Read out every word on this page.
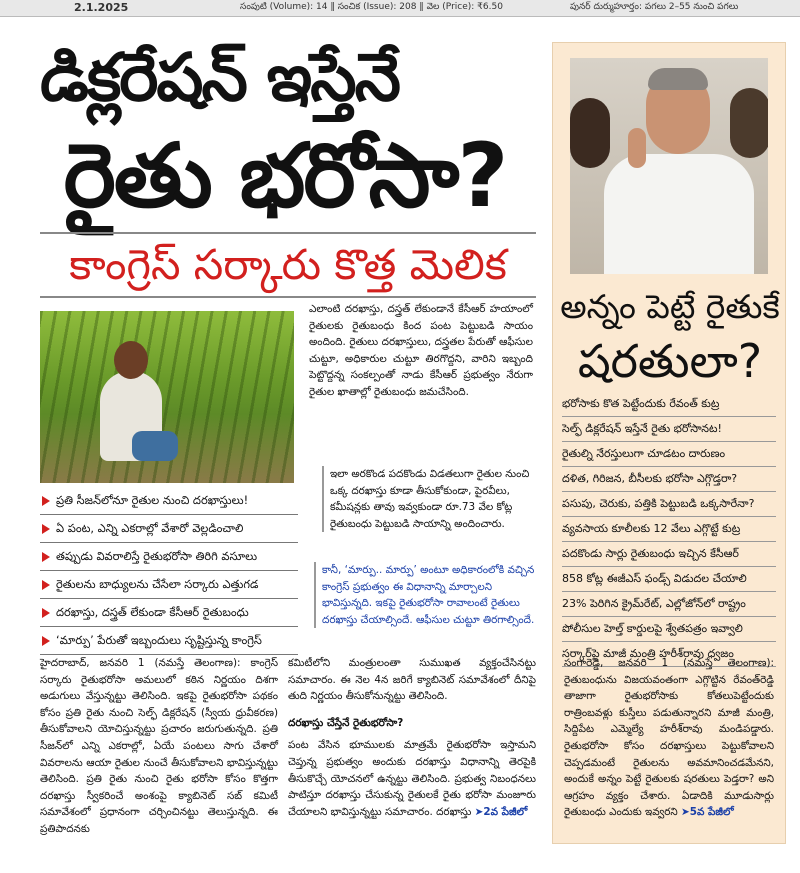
2.1.2025	సంపుటి (Volume): 14 ‖ సంచిక (Issue): 208 ‖ వెల (Price): ₹6.50	పునర్ దుర్ముహూర్తం: పగలు 2–55 నుంచి పగలు
డిక్లరేషన్ ఇస్తేనే
రైతు భరోసా?
కాంగ్రెస్ సర్కారు కొత్త మెలిక
ప్రతి సీజన్‌లోనూ రైతుల నుంచి దరఖాస్తులు!
ఏ పంట, ఎన్ని ఎకరాల్లో వేశారో వెల్లడించాలి
తప్పుడు వివరాలిస్తే రైతుభరోసా తిరిగి వసూలు
రైతులను బాధ్యులను చేసేలా సర్కారు ఎత్తుగడ
దరఖాస్తు, దస్త్రత్ లేకుండా కేసీఆర్ రైతుబంధు
‘మార్పు’ పేరుతో ఇబ్బందులు సృష్టిస్తున్న కాంగ్రెస్

ఎలాంటి దరఖాస్తు, దస్త్రత్ లేకుండానే కేసీఆర్ హయాంలో రైతులకు రైతుబంధు కింద పంట పెట్టుబడి సాయం అందింది. రైతులు దరఖాస్తులు, దస్త్రతల పేరుతో ఆఫీసుల చుట్టూ, అధికారుల చుట్టూ తిరగొద్దని, వారిని ఇబ్బంది పెట్టొద్దన్న సంకల్పంతో నాడు కేసీఆర్ ప్రభుత్వం నేరుగా రైతుల ఖాతాల్లో రైతుబంధు జమచేసింది.

ఇలా అరకొండ పదకొండు విడతలుగా రైతుల నుంచి ఒక్క దరఖాస్తు కూడా తీసుకోకుండా, పైరవీలు, కమీషన్లకు తావు ఇవ్వకుండా రూ.73 వేల కోట్ల రైతుబంధు పెట్టుబడి సాయాన్ని అందించారు.
కానీ, ‘మార్పు.. మార్పు’ అంటూ అధికారంలోకి వచ్చిన కాంగ్రెస్ ప్రభుత్వం ఈ విధానాన్ని మార్చాలని భావిస్తున్నది. ఇకపై రైతుభరోసా రావాలంటే రైతులు దరఖాస్తు చేయాల్సిందే. ఆఫీసుల చుట్టూ తిరగాల్సిందే.
హైదరాబాద్, జనవరి 1 (నమస్తే తెలంగాణ): కాంగ్రెస్ సర్కారు రైతుభరోసా అమలులో కఠిన నిర్ణయం దిశగా అడుగులు వేస్తున్నట్టు తెలిసింది. ఇకపై రైతుభరోసా పథకం కోసం ప్రతి రైతు నుంచి సెల్ఫ్ డిక్లరేషన్ (స్వీయ ధ్రువీకరణ) తీసుకోవాలని యోచిస్తున్నట్టు ప్రచారం జరుగుతున్నది. ప్రతి సీజన్‌లో ఎన్ని ఎకరాల్లో, ఏయే పంటలు సాగు చేశారో వివరాలను ఆయా రైతుల నుంచే తీసుకోవాలని భావిస్తున్నట్టు తెలిసింది. ప్రతి రైతు నుంచి రైతు భరోసా కోసం కొత్తగా దరఖాస్తు స్వీకరించే అంశంపై క్యాబినెట్ సబ్ కమిటీ సమావేశంలో ప్రధానంగా చర్చించినట్టు తెలుస్తున్నది. ఈ ప్రతిపాదనకు
కమిటీలోని మంత్రులంతా సుముఖత వ్యక్తంచేసినట్టు సమాచారం. ఈ నెల 4న జరిగే క్యాబినెట్ సమావేశంలో దీనిపై తుది నిర్ణయం తీసుకోనున్నట్టు తెలిసింది.
దరఖాస్తు చేస్తేనే రైతుభరోసా?
పంట వేసిన భూములకు మాత్రమే రైతుభరోసా ఇస్తామని చెప్తున్న ప్రభుత్వం అందుకు దరఖాస్తు విధానాన్ని తెరపైకి తీసుకొచ్చే యోచనలో ఉన్నట్టు తెలిసింది. ప్రభుత్వ నిబంధనలు పాటిస్తూ దరఖాస్తు చేసుకున్న రైతులకే రైతు భరోసా మంజూరు చేయాలని భావిస్తున్నట్టు సమాచారం. దరఖాస్తు ➤2వ పేజీలో
అన్నం పెట్టే రైతుకే
షరతులా?
భరోసాకు కొత పెట్టేందుకు రేవంత్ కుట్ర
సెల్ఫ్ డిక్లరేషన్ ఇస్తేనే రైతు భరోసానట!
రైతుల్ని నేరస్తులుగా చూడటం దారుణం
దళిత, గిరిజన, బీసీలకు భరోసా ఎగ్గొడ్తరా?
పసుపు, చెరుకు, పత్తికి పెట్టుబడి ఒక్కసారేనా?
వ్యవసాయ కూలీలకు 12 వేలు ఎగ్గొట్టే కుట్ర
పదకొండు సార్లు రైతుబంధు ఇచ్చిన కేసీఆర్
858 కోట్ల ఈజీఎస్ ఫండ్స్ విడుదల చేయాలి
23% పెరిగిన క్రైమ్‌రేట్, ఎల్లోజోన్‌లో రాష్ట్రం
పోలీసుల హెల్త్ కార్డులపై శ్వేతపత్రం ఇవ్వాలి
సర్కార్‌పై మాజీ మంత్రి హరీశ్‌రావు ధ్వజం
సంగారెడ్డి, జనవరి 1 (నమస్తే తెలంగాణ): రైతుబంధును విజయవంతంగా ఎగ్గొట్టిన రేవంత్‌రెడ్డి తాజాగా రైతుభరోసాకు కోతలుపెట్టేందుకు రాత్రింబవళ్లు కుస్తీలు పడుతున్నారని మాజీ మంత్రి, సిద్దిపేట ఎమ్మెల్యే హరీశ్‌రావు మండిపడ్డారు. రైతుభరోసా కోసం దరఖాస్తులు పెట్టుకోవాలని చెప్పడమంటే రైతులను అవమానించడమేనని, అందుకే అన్నం పెట్టే రైతులకు షరతులు పెడ్తరా? అని ఆగ్రహం వ్యక్తం చేశారు. ఏడాదికి మూడుసార్లు రైతుబంధు ఎందుకు ఇవ్వరని ➤5వ పేజీలో
